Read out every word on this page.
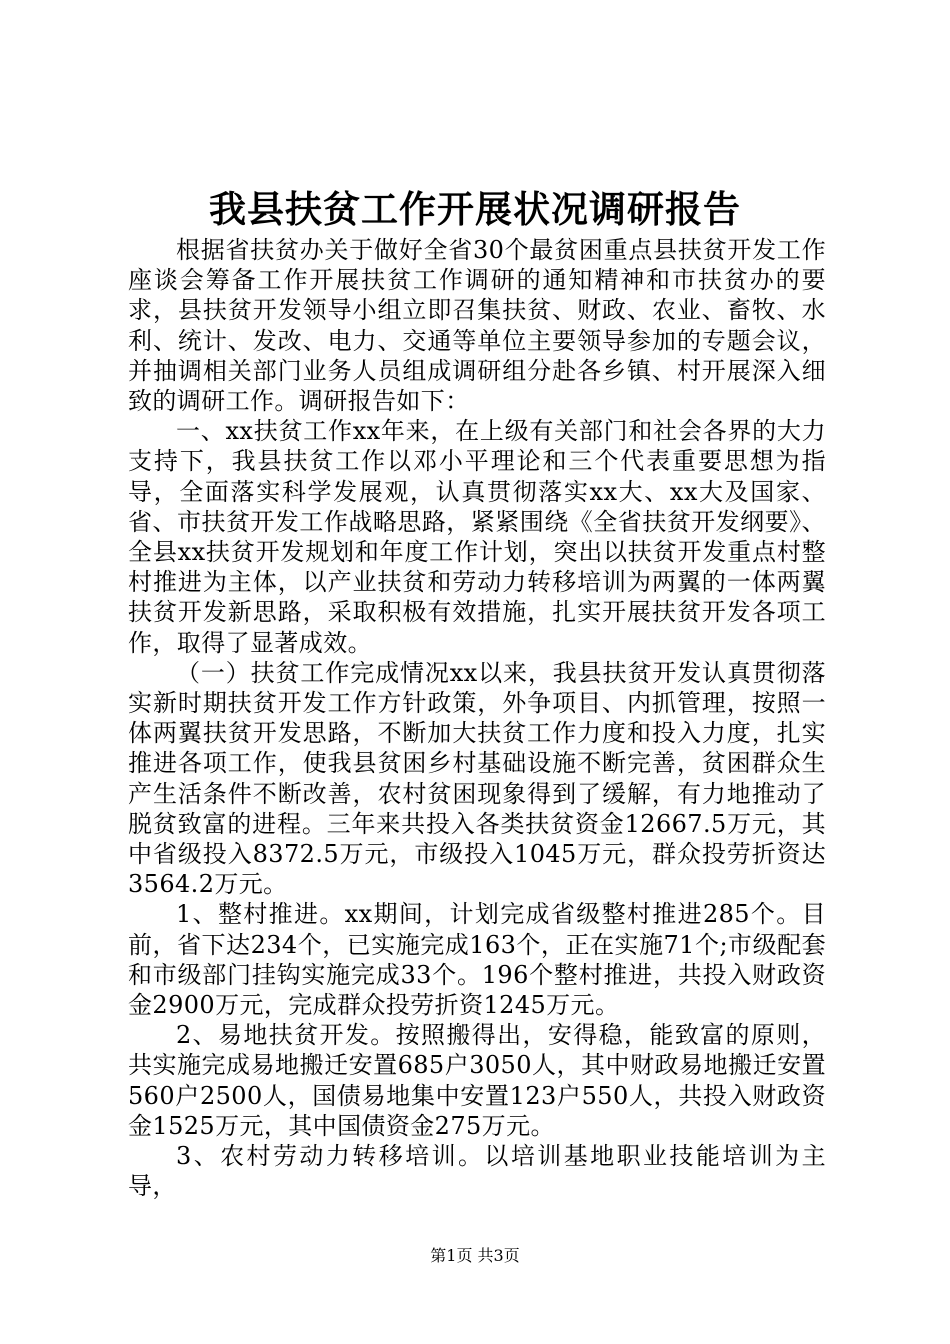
我县扶贫工作开展状况调研报告

根据省扶贫办关于做好全省30个最贫困重点县扶贫开发工作座谈会筹备工作开展扶贫工作调研的通知精神和市扶贫办的要求，县扶贫开发领导小组立即召集扶贫、财政、农业、畜牧、水利、统计、发改、电力、交通等单位主要领导参加的专题会议，并抽调相关部门业务人员组成调研组分赴各乡镇、村开展深入细致的调研工作。调研报告如下：

一、xx扶贫工作xx年来，在上级有关部门和社会各界的大力支持下，我县扶贫工作以邓小平理论和三个代表重要思想为指导，全面落实科学发展观，认真贯彻落实xx大、xx大及国家、省、市扶贫开发工作战略思路，紧紧围绕《全省扶贫开发纲要》、全县xx扶贫开发规划和年度工作计划，突出以扶贫开发重点村整村推进为主体，以产业扶贫和劳动力转移培训为两翼的一体两翼扶贫开发新思路，采取积极有效措施，扎实开展扶贫开发各项工作，取得了显著成效。

（一）扶贫工作完成情况xx以来，我县扶贫开发认真贯彻落实新时期扶贫开发工作方针政策，外争项目、内抓管理，按照一体两翼扶贫开发思路，不断加大扶贫工作力度和投入力度，扎实推进各项工作，使我县贫困乡村基础设施不断完善，贫困群众生产生活条件不断改善，农村贫困现象得到了缓解，有力地推动了脱贫致富的进程。三年来共投入各类扶贫资金12667.5万元，其中省级投入8372.5万元，市级投入1045万元，群众投劳折资达3564.2万元。

1、整村推进。xx期间，计划完成省级整村推进285个。目前，省下达234个，已实施完成163个，正在实施71个;市级配套和市级部门挂钩实施完成33个。196个整村推进，共投入财政资金2900万元，完成群众投劳折资1245万元。

2、易地扶贫开发。按照搬得出，安得稳，能致富的原则，共实施完成易地搬迁安置685户3050人，其中财政易地搬迁安置560户2500人，国债易地集中安置123户550人，共投入财政资金1525万元，其中国债资金275万元。

3、农村劳动力转移培训。以培训基地职业技能培训为主导，

第1页 共3页
